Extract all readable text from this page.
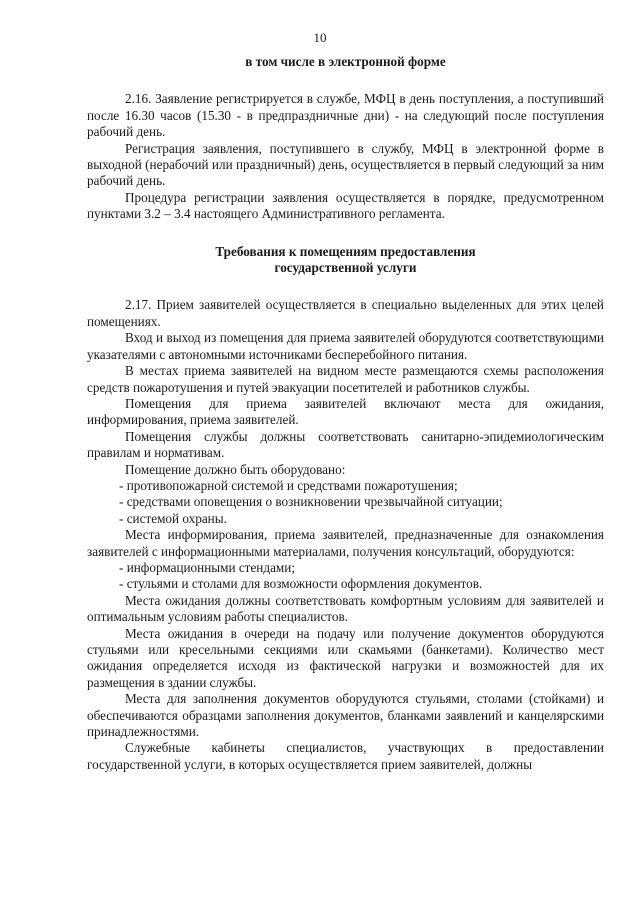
10

в том числе в электронной форме

2.16. Заявление регистрируется в службе, МФЦ в день поступления, а поступивший после 16.30 часов (15.30 - в предпраздничные дни) - на следующий после поступления рабочий день.

Регистрация заявления, поступившего в службу, МФЦ в электронной форме в выходной (нерабочий или праздничный) день, осуществляется в первый следующий за ним рабочий день.

Процедура регистрации заявления осуществляется в порядке, предусмотренном пунктами 3.2 – 3.4 настоящего Административного регламента.

Требования к помещениям предоставления

государственной услуги

2.17. Прием заявителей осуществляется в специально выделенных для этих целей помещениях.

Вход и выход из помещения для приема заявителей оборудуются соответствующими указателями с автономными источниками бесперебойного питания.

В местах приема заявителей на видном месте размещаются схемы расположения средств пожаротушения и путей эвакуации посетителей и работников службы.

Помещения для приема заявителей включают места для ожидания, информирования, приема заявителей.

Помещения службы должны соответствовать санитарно-эпидемиологическим правилам и нормативам.

Помещение должно быть оборудовано:

- противопожарной системой и средствами пожаротушения;

- средствами оповещения о возникновении чрезвычайной ситуации;

- системой охраны.

Места информирования, приема заявителей, предназначенные для ознакомления заявителей с информационными материалами, получения консультаций, оборудуются:

- информационными стендами;

- стульями и столами для возможности оформления документов.

Места ожидания должны соответствовать комфортным условиям для заявителей и оптимальным условиям работы специалистов.

Места ожидания в очереди на подачу или получение документов оборудуются стульями или кресельными секциями или скамьями (банкетами). Количество мест ожидания определяется исходя из фактической нагрузки и возможностей для их размещения в здании службы.

Места для заполнения документов оборудуются стульями, столами (стойками) и обеспечиваются образцами заполнения документов, бланками заявлений и канцелярскими принадлежностями.

Служебные кабинеты специалистов, участвующих в предоставлении государственной услуги, в которых осуществляется прием заявителей, должны
